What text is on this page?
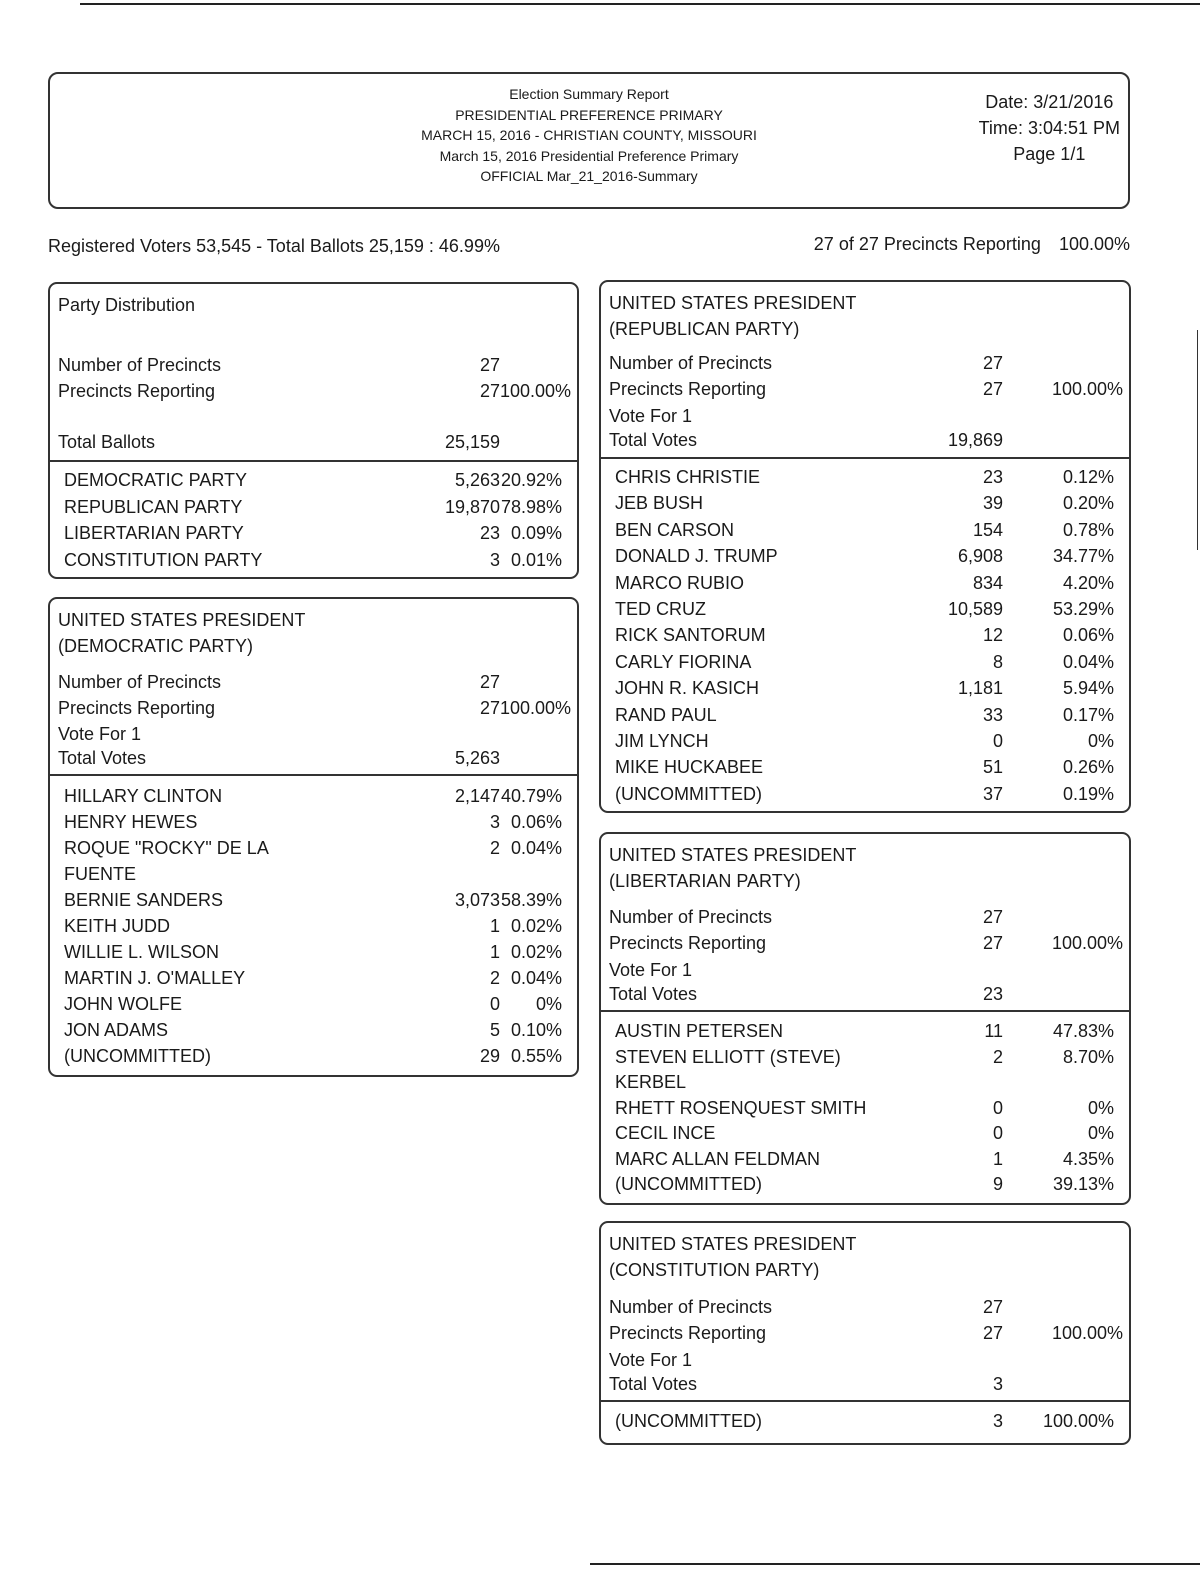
Election Summary Report
PRESIDENTIAL PREFERENCE PRIMARY
MARCH 15, 2016 - CHRISTIAN COUNTY, MISSOURI
March 15, 2016 Presidential Preference Primary
OFFICIAL Mar_21_2016-Summary
Date: 3/21/2016
Time: 3:04:51 PM
Page 1/1
Registered Voters 53,545 - Total Ballots 25,159 : 46.99%	27 of 27 Precincts Reporting 100.00%
Party Distribution
Number of Precincts	27
Precincts Reporting	27 100.00%
Total Ballots	25,159
DEMOCRATIC PARTY	5,263 20.92%
REPUBLICAN PARTY	19,870 78.98%
LIBERTARIAN PARTY	23 0.09%
CONSTITUTION PARTY	3 0.01%
UNITED STATES PRESIDENT
(DEMOCRATIC PARTY)
Number of Precincts	27
Precincts Reporting	27 100.00%
Vote For 1
Total Votes	5,263
HILLARY CLINTON	2,147 40.79%
HENRY HEWES	3 0.06%
ROQUE "ROCKY" DE LA	2 0.04%
FUENTE
BERNIE SANDERS	3,073 58.39%
KEITH JUDD	1 0.02%
WILLIE L. WILSON	1 0.02%
MARTIN J. O'MALLEY	2 0.04%
JOHN WOLFE	0	0%
JON ADAMS	5 0.10%
(UNCOMMITTED)	29 0.55%
UNITED STATES PRESIDENT
(REPUBLICAN PARTY)
Number of Precincts	27
Precincts Reporting	27	100.00%
Vote For 1
Total Votes	19,869
CHRIS CHRISTIE	23	0.12%
JEB BUSH	39	0.20%
BEN CARSON	154	0.78%
DONALD J. TRUMP	6,908	34.77%
MARCO RUBIO	834	4.20%
TED CRUZ	10,589	53.29%
RICK SANTORUM	12	0.06%
CARLY FIORINA	8	0.04%
JOHN R. KASICH	1,181	5.94%
RAND PAUL	33	0.17%
JIM LYNCH	0	0%
MIKE HUCKABEE	51	0.26%
(UNCOMMITTED)	37	0.19%
UNITED STATES PRESIDENT
(LIBERTARIAN PARTY)
Number of Precincts	27
Precincts Reporting	27	100.00%
Vote For 1
Total Votes	23
AUSTIN PETERSEN	11	47.83%
STEVEN ELLIOTT (STEVE)	2	8.70%
KERBEL
RHETT ROSENQUEST SMITH	0	0%
CECIL INCE	0	0%
MARC ALLAN FELDMAN	1	4.35%
(UNCOMMITTED)	9	39.13%
UNITED STATES PRESIDENT
(CONSTITUTION PARTY)
Number of Precincts	27
Precincts Reporting	27	100.00%
Vote For 1
Total Votes	3
(UNCOMMITTED)	3	100.00%
